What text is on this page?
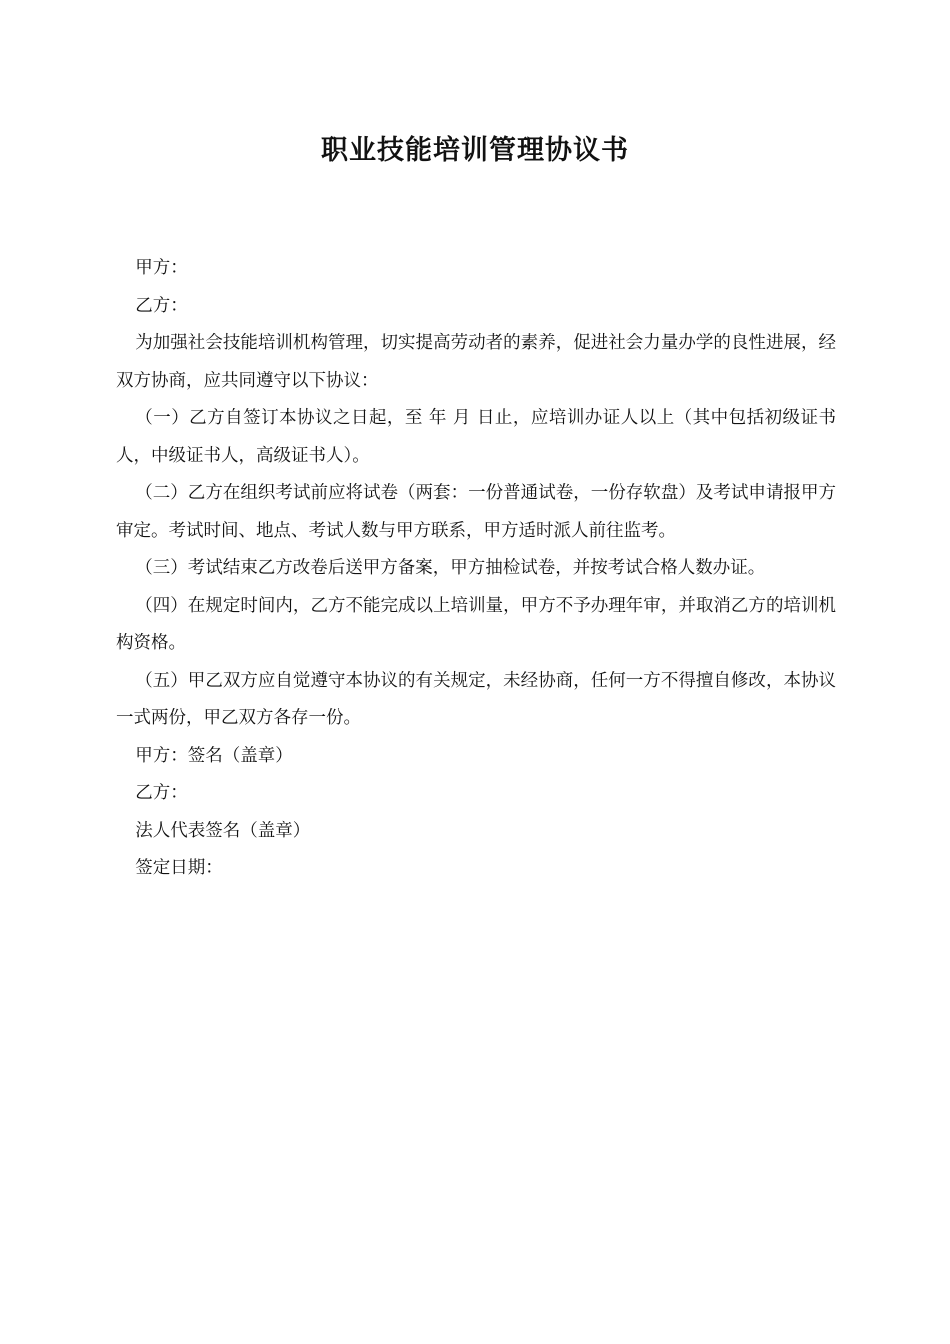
职业技能培训管理协议书

甲方：

乙方：

为加强社会技能培训机构管理，切实提高劳动者的素养，促进社会力量办学的良性进展，经双方协商，应共同遵守以下协议：

（一）乙方自签订本协议之日起，至 年 月 日止，应培训办证人以上（其中包括初级证书人，中级证书人，高级证书人）。

（二）乙方在组织考试前应将试卷（两套：一份普通试卷，一份存软盘）及考试申请报甲方审定。考试时间、地点、考试人数与甲方联系，甲方适时派人前往监考。

（三）考试结束乙方改卷后送甲方备案，甲方抽检试卷，并按考试合格人数办证。

（四）在规定时间内，乙方不能完成以上培训量，甲方不予办理年审，并取消乙方的培训机构资格。

（五）甲乙双方应自觉遵守本协议的有关规定，未经协商，任何一方不得擅自修改，本协议一式两份，甲乙双方各存一份。

甲方：签名（盖章）

乙方：

法人代表签名（盖章）

签定日期：
